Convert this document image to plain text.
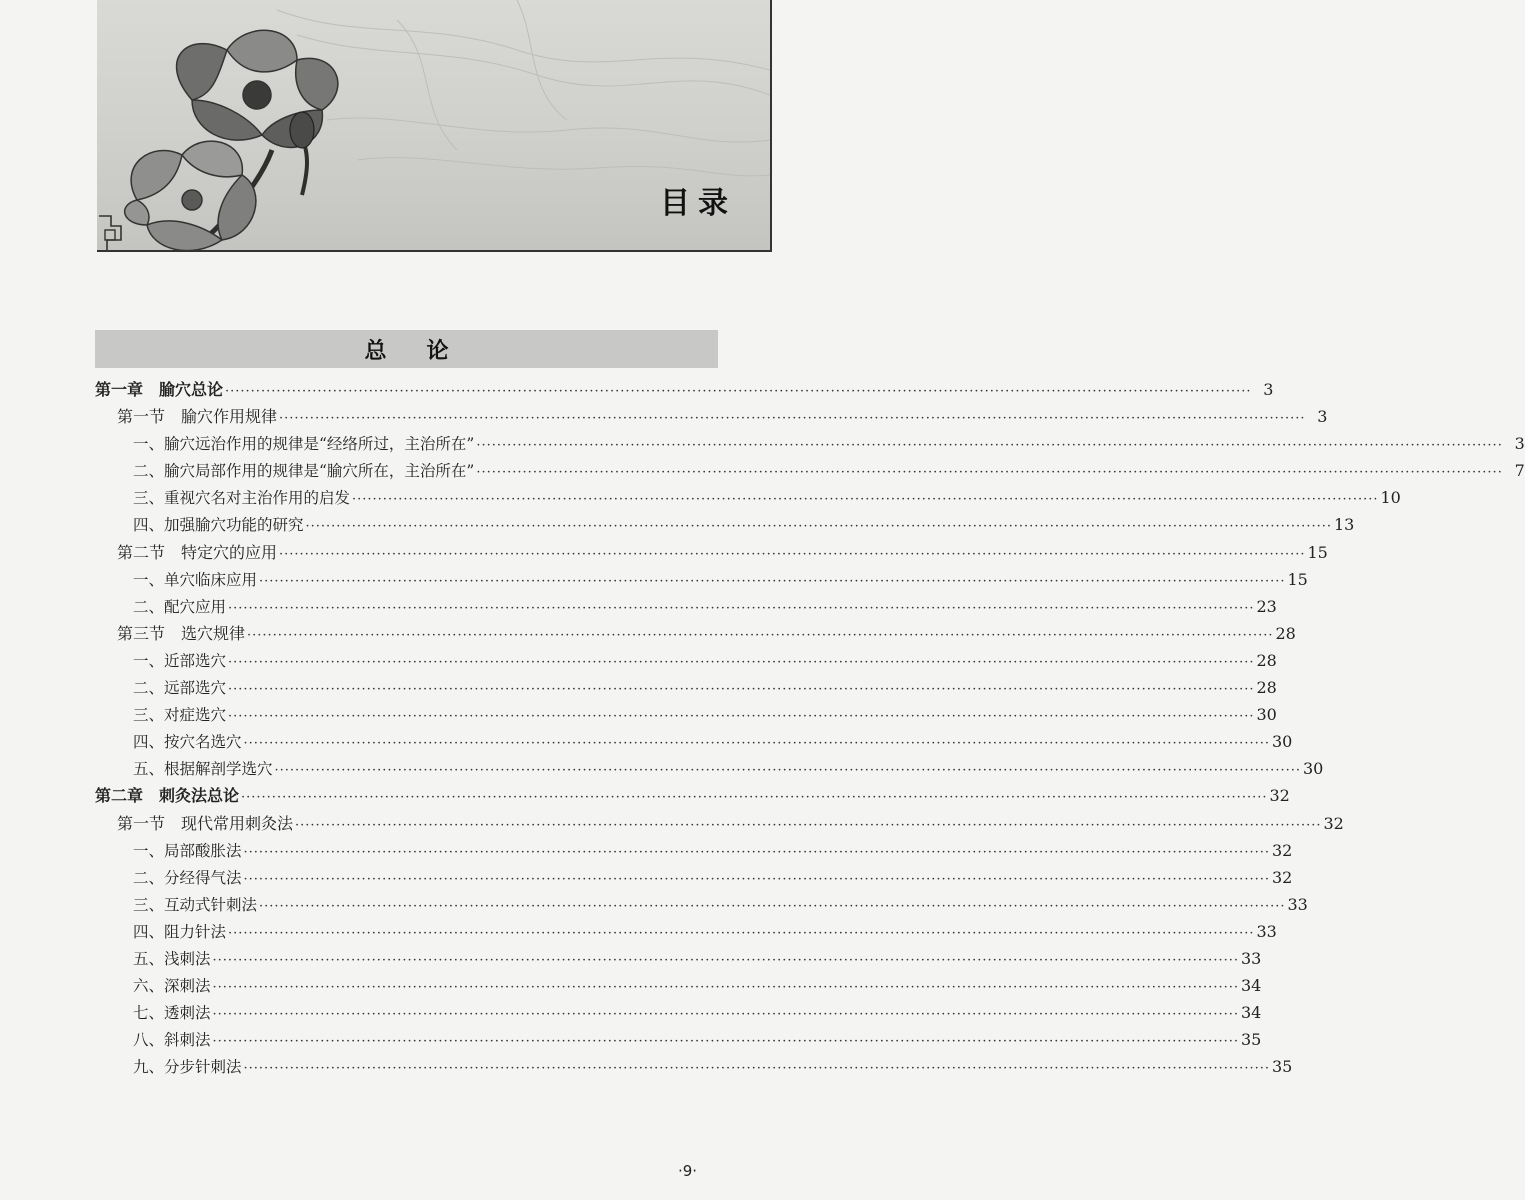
目录
总论
第一章　腧穴总论 ········································································································································································································ 3
第一节　腧穴作用规律 ········································································································································································································ 3
一、腧穴远治作用的规律是“经络所过，主治所在” ········································································································································································································ 3
二、腧穴局部作用的规律是“腧穴所在，主治所在” ········································································································································································································ 7
三、重视穴名对主治作用的启发 ········································································································································································································ 10
四、加强腧穴功能的研究 ········································································································································································································ 13
第二节　特定穴的应用 ········································································································································································································ 15
一、单穴临床应用 ········································································································································································································ 15
二、配穴应用 ········································································································································································································ 23
第三节　选穴规律 ········································································································································································································ 28
一、近部选穴 ········································································································································································································ 28
二、远部选穴 ········································································································································································································ 28
三、对症选穴 ········································································································································································································ 30
四、按穴名选穴 ········································································································································································································ 30
五、根据解剖学选穴 ········································································································································································································ 30
第二章　刺灸法总论 ········································································································································································································ 32
第一节　现代常用刺灸法 ········································································································································································································ 32
一、局部酸胀法 ········································································································································································································ 32
二、分经得气法 ········································································································································································································ 32
三、互动式针刺法 ········································································································································································································ 33
四、阻力针法 ········································································································································································································ 33
五、浅刺法 ········································································································································································································ 33
六、深刺法 ········································································································································································································ 34
七、透刺法 ········································································································································································································ 34
八、斜刺法 ········································································································································································································ 35
九、分步针刺法 ········································································································································································································ 35
·9·
